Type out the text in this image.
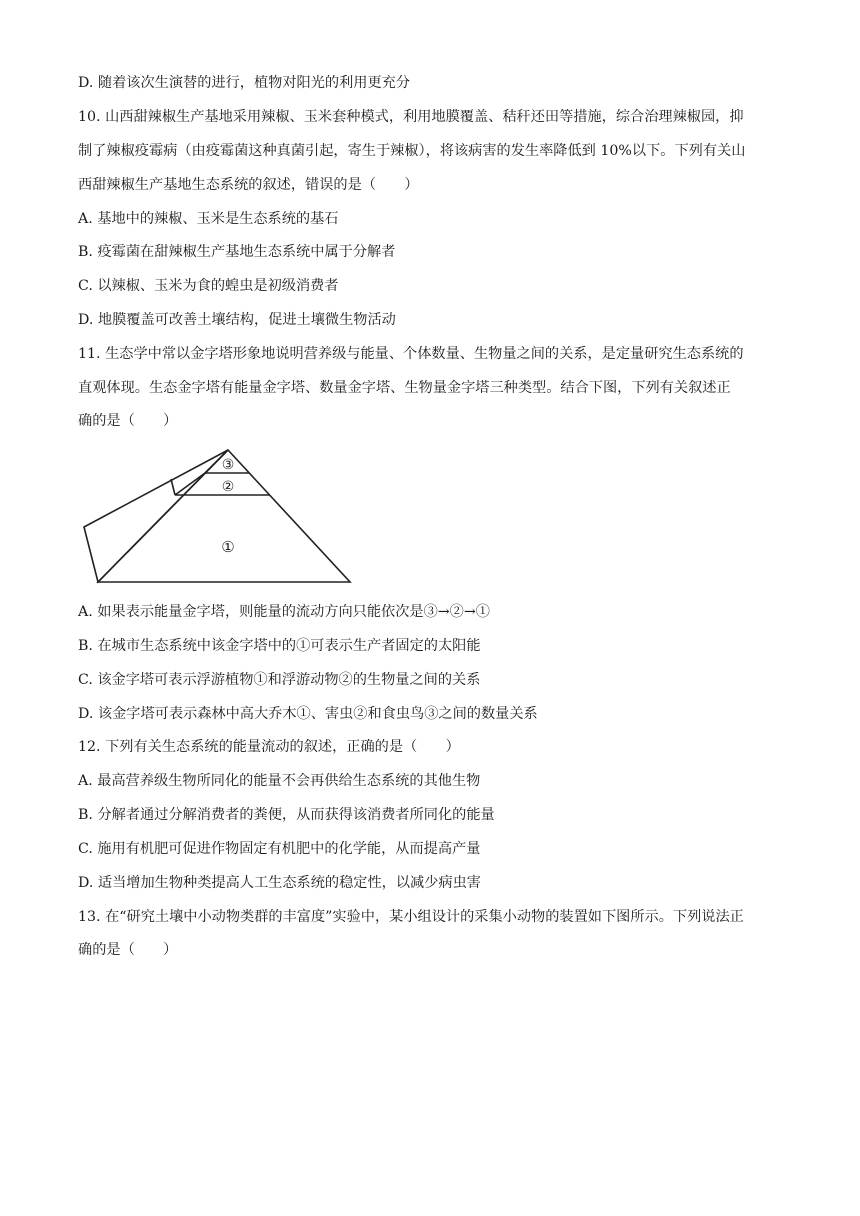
D. 随着该次生演替的进行，植物对阳光的利用更充分
10. 山西甜辣椒生产基地采用辣椒、玉米套种模式，利用地膜覆盖、秸秆还田等措施，综合治理辣椒园，抑
制了辣椒疫霉病（由疫霉菌这种真菌引起，寄生于辣椒），将该病害的发生率降低到 10%以下。下列有关山
西甜辣椒生产基地生态系统的叙述，错误的是（　　）
A. 基地中的辣椒、玉米是生态系统的基石
B. 疫霉菌在甜辣椒生产基地生态系统中属于分解者
C. 以辣椒、玉米为食的蝗虫是初级消费者
D. 地膜覆盖可改善土壤结构，促进土壤微生物活动
11. 生态学中常以金字塔形象地说明营养级与能量、个体数量、生物量之间的关系，是定量研究生态系统的
直观体现。生态金字塔有能量金字塔、数量金字塔、生物量金字塔三种类型。结合下图，下列有关叙述正
确的是（　　）
③
②
①
A. 如果表示能量金字塔，则能量的流动方向只能依次是③→②→①
B. 在城市生态系统中该金字塔中的①可表示生产者固定的太阳能
C. 该金字塔可表示浮游植物①和浮游动物②的生物量之间的关系
D. 该金字塔可表示森林中高大乔木①、害虫②和食虫鸟③之间的数量关系
12. 下列有关生态系统的能量流动的叙述，正确的是（　　）
A. 最高营养级生物所同化的能量不会再供给生态系统的其他生物
B. 分解者通过分解消费者的粪便，从而获得该消费者所同化的能量
C. 施用有机肥可促进作物固定有机肥中的化学能，从而提高产量
D. 适当增加生物种类提高人工生态系统的稳定性，以减少病虫害
13. 在“研究土壤中小动物类群的丰富度”实验中，某小组设计的采集小动物的装置如下图所示。下列说法正
确的是（　　）
